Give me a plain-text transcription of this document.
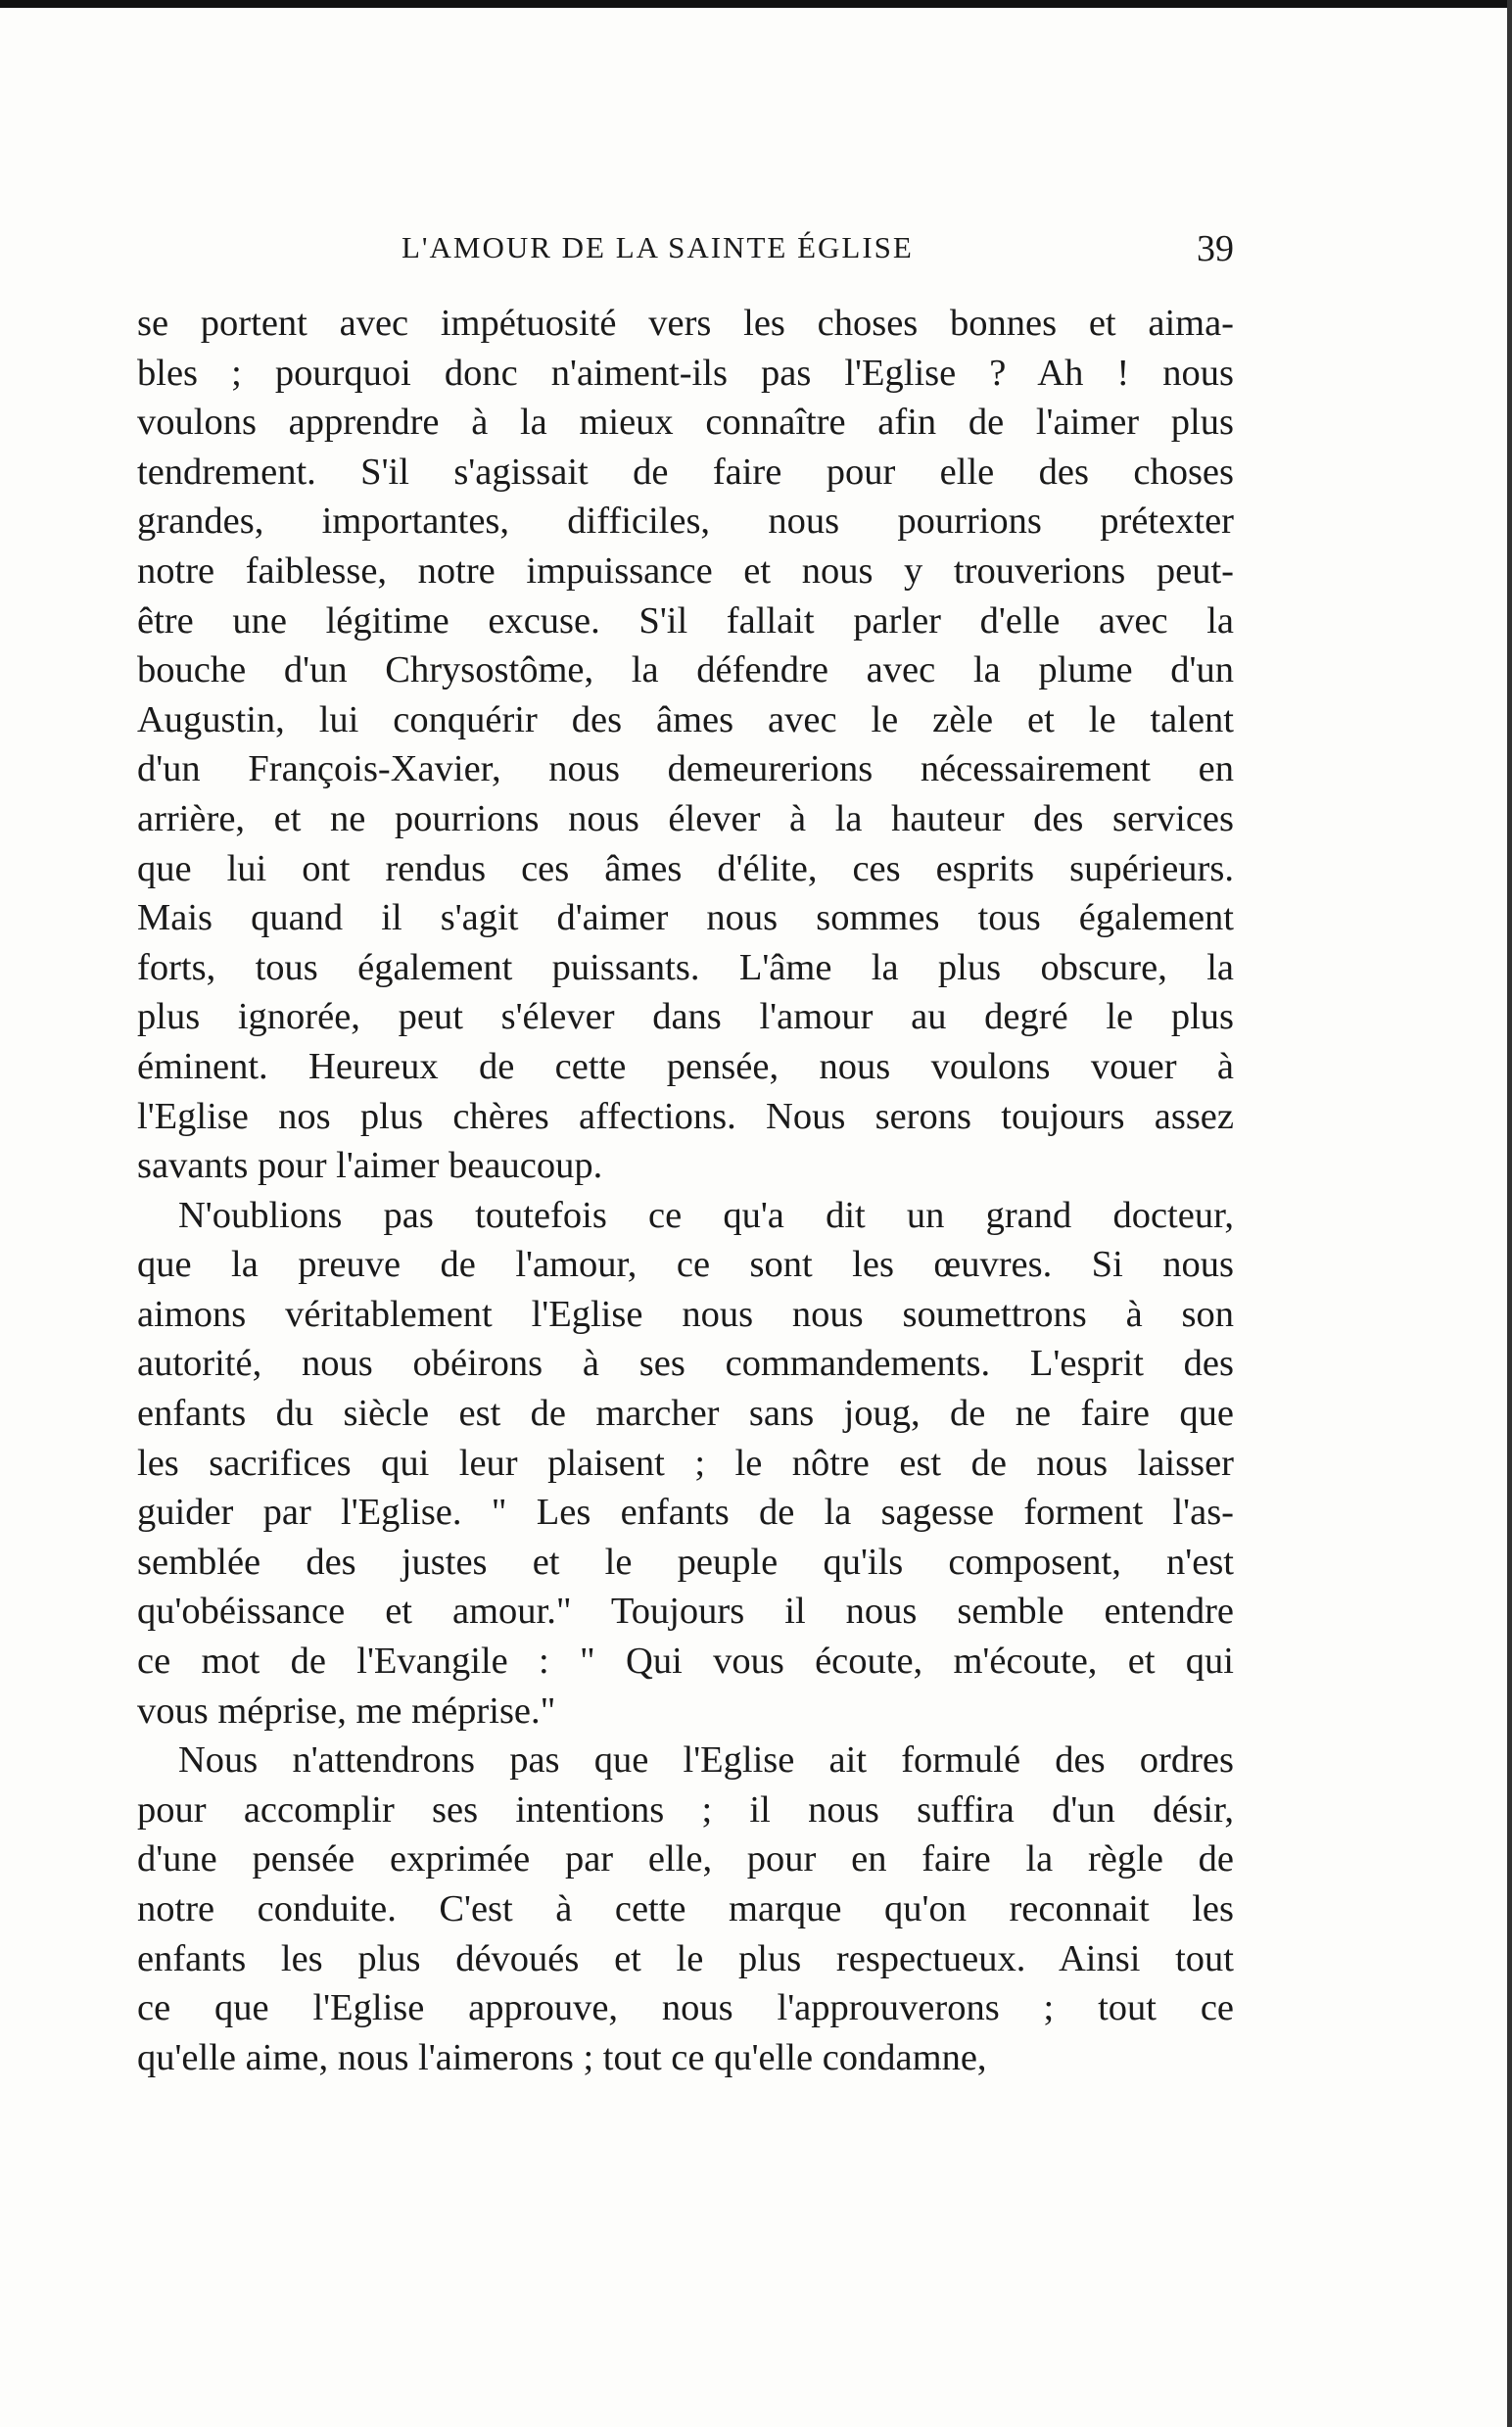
L'AMOUR DE LA SAINTE ÉGLISE	39
se portent avec impétuosité vers les choses bonnes et aima-
bles ; pourquoi donc n'aiment-ils pas l'Eglise ? Ah ! nous
voulons apprendre à la mieux connaître afin de l'aimer plus
tendrement. S'il s'agissait de faire pour elle des choses
grandes, importantes, difficiles, nous pourrions prétexter
notre faiblesse, notre impuissance et nous y trouverions peut-
être une légitime excuse. S'il fallait parler d'elle avec la
bouche d'un Chrysostôme, la défendre avec la plume d'un
Augustin, lui conquérir des âmes avec le zèle et le talent
d'un François-Xavier, nous demeurerions nécessairement en
arrière, et ne pourrions nous élever à la hauteur des services
que lui ont rendus ces âmes d'élite, ces esprits supérieurs.
Mais quand il s'agit d'aimer nous sommes tous également
forts, tous également puissants. L'âme la plus obscure, la
plus ignorée, peut s'élever dans l'amour au degré le plus
éminent. Heureux de cette pensée, nous voulons vouer à
l'Eglise nos plus chères affections. Nous serons toujours assez
savants pour l'aimer beaucoup.
N'oublions pas toutefois ce qu'a dit un grand docteur,
que la preuve de l'amour, ce sont les œuvres. Si nous
aimons véritablement l'Eglise nous nous soumettrons à son
autorité, nous obéirons à ses commandements. L'esprit des
enfants du siècle est de marcher sans joug, de ne faire que
les sacrifices qui leur plaisent ; le nôtre est de nous laisser
guider par l'Eglise. " Les enfants de la sagesse forment l'as-
semblée des justes et le peuple qu'ils composent, n'est
qu'obéissance et amour." Toujours il nous semble entendre
ce mot de l'Evangile : " Qui vous écoute, m'écoute, et qui
vous méprise, me méprise."
Nous n'attendrons pas que l'Eglise ait formulé des ordres
pour accomplir ses intentions ; il nous suffira d'un désir,
d'une pensée exprimée par elle, pour en faire la règle de
notre conduite. C'est à cette marque qu'on reconnait les
enfants les plus dévoués et le plus respectueux. Ainsi tout
ce que l'Eglise approuve, nous l'approuverons ; tout ce
qu'elle aime, nous l'aimerons ; tout ce qu'elle condamne,
